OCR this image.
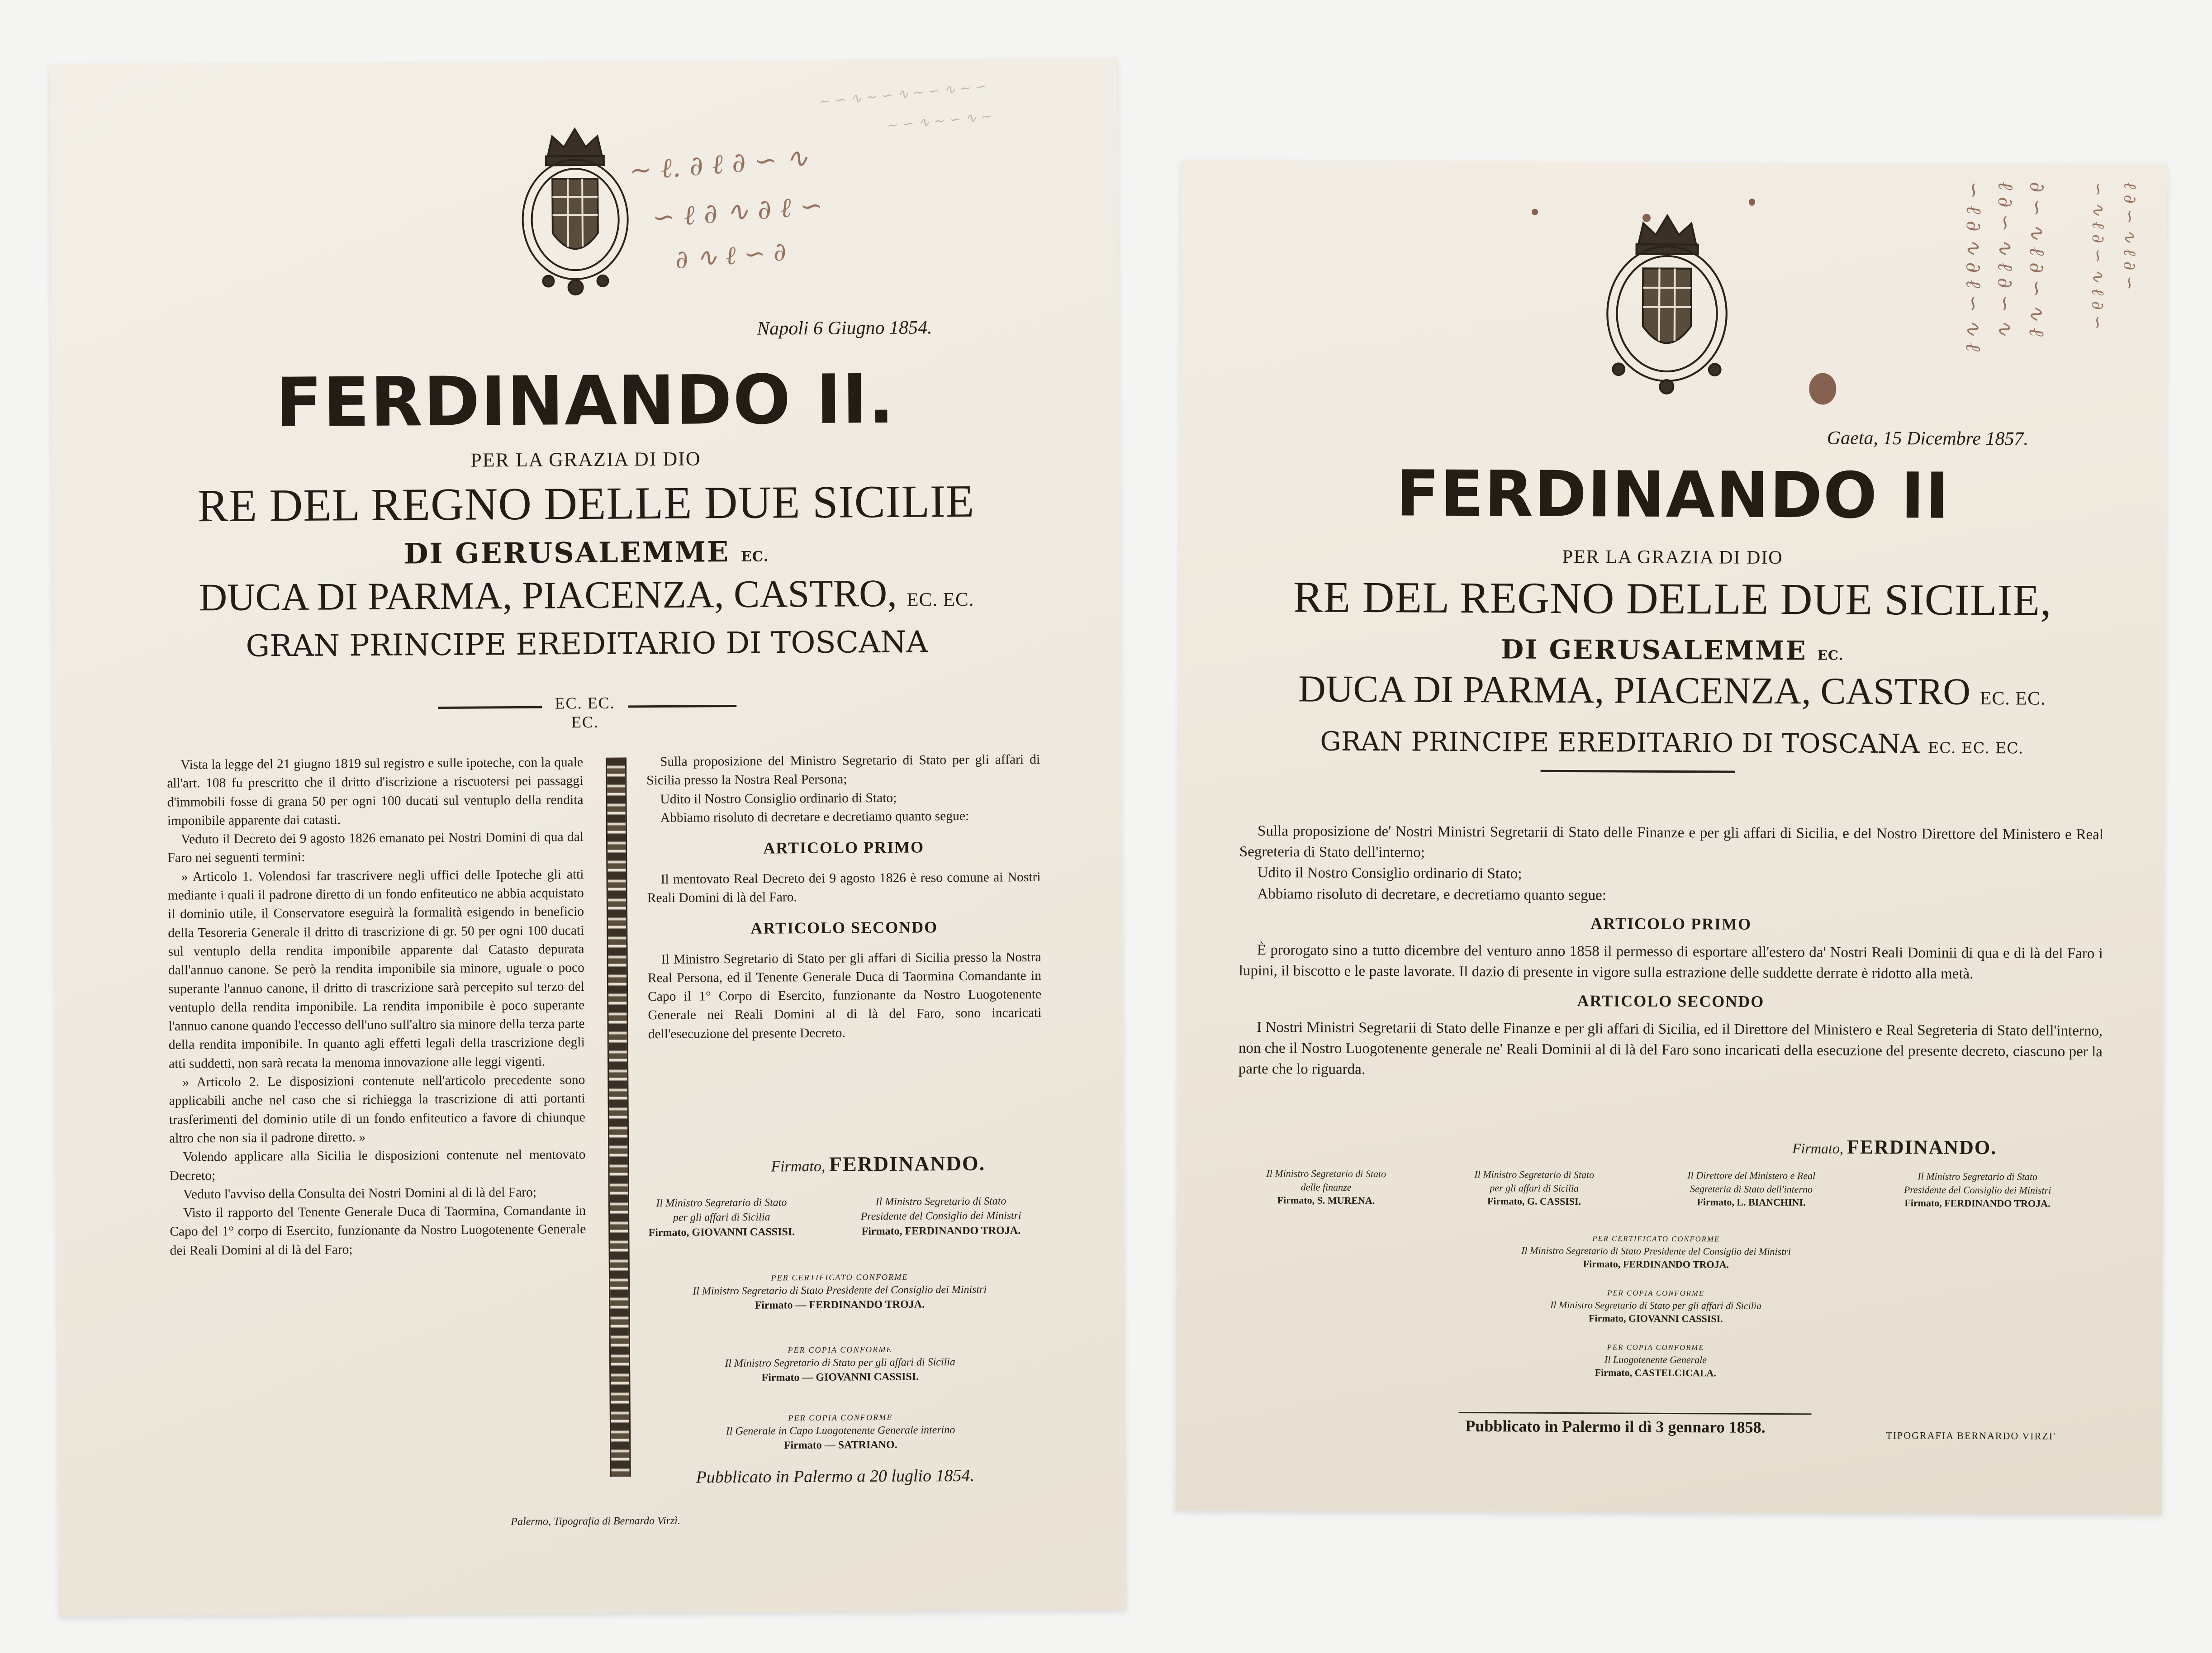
~ ℓ. ∂ ℓ ∂ ∽ ∿
∽ ℓ ∂ ∿ ∂ ℓ ∽
∂ ∿ ℓ ∽ ∂
~ ∽ ∿ ~ ∽ ∿ ~ ∽ ∿ ~ ∽
~ ∽ ∿ ~ ∽ ∿ ~
Napoli 6 Giugno 1854.
FERDINANDO II.
PER LA GRAZIA DI DIO
RE DEL REGNO DELLE DUE SICILIE
DI GERUSALEMME EC.
DUCA DI PARMA, PIACENZA, CASTRO, EC. EC.
GRAN PRINCIPE EREDITARIO DI TOSCANA
EC. EC. EC.

Vista la legge del 21 giugno 1819 sul registro e sulle ipoteche, con la quale all'art. 108 fu prescritto che il dritto d'iscrizione a riscuotersi pei passaggi d'immobili fosse di grana 50 per ogni 100 ducati sul ventuplo della rendita imponibile apparente dai catasti.

Veduto il Decreto dei 9 agosto 1826 emanato pei Nostri Domini di qua dal Faro nei seguenti termini:

» Articolo 1. Volendosi far trascrivere negli uffici delle Ipoteche gli atti mediante i quali il padrone diretto di un fondo enfiteutico ne abbia acquistato il dominio utile, il Conservatore eseguirà la formalità esigendo in beneficio della Tesoreria Generale il dritto di trascrizione di gr. 50 per ogni 100 ducati sul ventuplo della rendita imponibile apparente dal Catasto depurata dall'annuo canone. Se però la rendita imponibile sia minore, uguale o poco superante l'annuo canone, il dritto di trascrizione sarà percepito sul terzo del ventuplo della rendita imponibile. La rendita imponibile è poco superante l'annuo canone quando l'eccesso dell'uno sull'altro sia minore della terza parte della rendita imponibile. In quanto agli effetti legali della trascrizione degli atti suddetti, non sarà recata la menoma innovazione alle leggi vigenti.

» Articolo 2. Le disposizioni contenute nell'articolo precedente sono applicabili anche nel caso che si richiegga la trascrizione di atti portanti trasferimenti del dominio utile di un fondo enfiteutico a favore di chiunque altro che non sia il padrone diretto. »

Volendo applicare alla Sicilia le disposizioni contenute nel mentovato Decreto;

Veduto l'avviso della Consulta dei Nostri Domini al di là del Faro;

Visto il rapporto del Tenente Generale Duca di Taormina, Comandante in Capo del 1° corpo di Esercito, funzionante da Nostro Luogotenente Generale dei Reali Domini al di là del Faro;

Sulla proposizione del Ministro Segretario di Stato per gli affari di Sicilia presso la Nostra Real Persona;

Udito il Nostro Consiglio ordinario di Stato;

Abbiamo risoluto di decretare e decretiamo quanto segue:

ARTICOLO PRIMO

Il mentovato Real Decreto dei 9 agosto 1826 è reso comune ai Nostri Reali Domini di là del Faro.

ARTICOLO SECONDO

Il Ministro Segretario di Stato per gli affari di Sicilia presso la Nostra Real Persona, ed il Tenente Generale Duca di Taormina Comandante in Capo il 1° Corpo di Esercito, funzionante da Nostro Luogotenente Generale nei Reali Domini al di là del Faro, sono incaricati dell'esecuzione del presente Decreto.

Firmato, FERDINANDO.
Il Ministro Segretario di Stato
per gli affari di Sicilia
Firmato, GIOVANNI CASSISI.
Il Ministro Segretario di Stato
Presidente del Consiglio dei Ministri
Firmato, FERDINANDO TROJA.
PER CERTIFICATO CONFORME
Il Ministro Segretario di Stato Presidente del Consiglio dei Ministri
Firmato — FERDINANDO TROJA.
PER COPIA CONFORME
Il Ministro Segretario di Stato per gli affari di Sicilia
Firmato — GIOVANNI CASSISI.
PER COPIA CONFORME
Il Generale in Capo Luogotenente Generale interino
Firmato — SATRIANO.
Pubblicato in Palermo a 20 luglio 1854.
Palermo, Tipografia di Bernardo Virzì.
∽ ℓ ∂ ∿ ∂ ℓ ∽ ∿ ℓ ℓ ∂ ∽ ∿ ℓ ∂ ∽ ∿ ∂ ∽ ∿ ℓ ∂ ∽ ∿ ℓ ∽ ∿ ℓ ∂ ∽ ∿ ℓ ∂ ∽ ℓ ∂ ∽ ∿ ℓ ∂ ∽
Gaeta, 15 Dicembre 1857.
FERDINANDO II
PER LA GRAZIA DI DIO
RE DEL REGNO DELLE DUE SICILIE,
DI GERUSALEMME EC.
DUCA DI PARMA, PIACENZA, CASTRO EC. EC.
GRAN PRINCIPE EREDITARIO DI TOSCANA EC. EC. EC.

Sulla proposizione de' Nostri Ministri Segretarii di Stato delle Finanze e per gli affari di Sicilia, e del Nostro Direttore del Ministero e Real Segreteria di Stato dell'interno;

Udito il Nostro Consiglio ordinario di Stato;

Abbiamo risoluto di decretare, e decretiamo quanto segue:

ARTICOLO PRIMO

È prorogato sino a tutto dicembre del venturo anno 1858 il permesso di esportare all'estero da' Nostri Reali Dominii di qua e di là del Faro i lupini, il biscotto e le paste lavorate. Il dazio di presente in vigore sulla estrazione delle suddette derrate è ridotto alla metà.

ARTICOLO SECONDO

I Nostri Ministri Segretarii di Stato delle Finanze e per gli affari di Sicilia, ed il Direttore del Ministero e Real Segreteria di Stato dell'interno, non che il Nostro Luogotenente generale ne' Reali Dominii al di là del Faro sono incaricati della esecuzione del presente decreto, ciascuno per la parte che lo riguarda.

Firmato, FERDINANDO.
Il Ministro Segretario di Stato
delle finanze
Firmato, S. MURENA.
Il Ministro Segretario di Stato
per gli affari di Sicilia
Firmato, G. CASSISI.
Il Direttore del Ministero e Real
Segreteria di Stato dell'interno
Firmato, L. BIANCHINI.
Il Ministro Segretario di Stato
Presidente del Consiglio dei Ministri
Firmato, FERDINANDO TROJA.
PER CERTIFICATO CONFORME
Il Ministro Segretario di Stato Presidente del Consiglio dei Ministri
Firmato, FERDINANDO TROJA.
PER COPIA CONFORME
Il Ministro Segretario di Stato per gli affari di Sicilia
Firmato, GIOVANNI CASSISI.
PER COPIA CONFORME
Il Luogotenente Generale
Firmato, CASTELCICALA.
Pubblicato in Palermo il dì 3 gennaro 1858.	TIPOGRAFIA BERNARDO VIRZI'
